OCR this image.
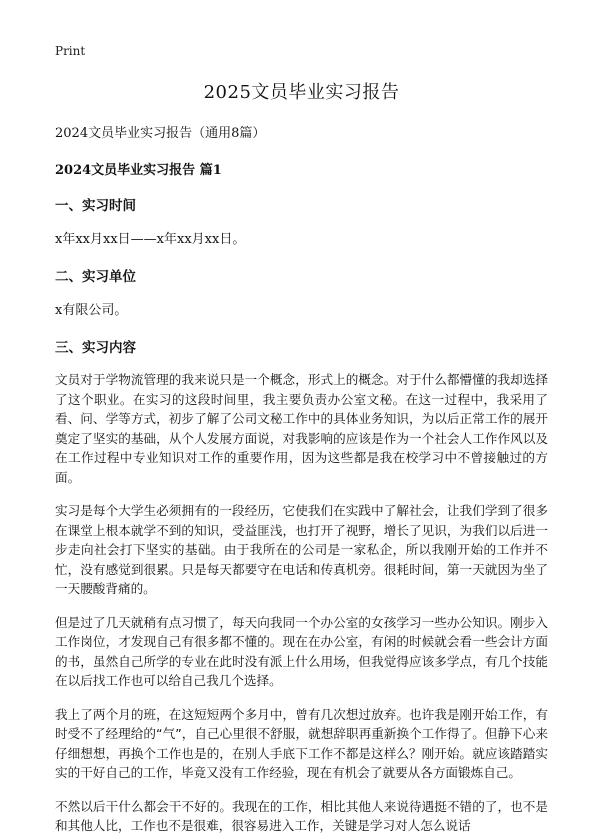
Print
2025文员毕业实习报告
2024文员毕业实习报告（通用8篇）
2024文员毕业实习报告 篇1
一、实习时间
x年xx月xx日——x年xx月xx日。
二、实习单位
x有限公司。
三、实习内容

文员对于学物流管理的我来说只是一个概念，形式上的概念。对于什么都懵懂的我却选择了这个职业。在实习的这段时间里，我主要负责办公室文秘。在这一过程中，我采用了看、问、学等方式，初步了解了公司文秘工作中的具体业务知识，为以后正常工作的展开奠定了坚实的基础，从个人发展方面说，对我影响的应该是作为一个社会人工作作风以及在工作过程中专业知识对工作的重要作用，因为这些都是我在校学习中不曾接触过的方面。

实习是每个大学生必须拥有的一段经历，它使我们在实践中了解社会，让我们学到了很多在课堂上根本就学不到的知识，受益匪浅，也打开了视野，增长了见识，为我们以后进一步走向社会打下坚实的基础。由于我所在的公司是一家私企，所以我刚开始的工作并不忙，没有感觉到很累。只是每天都要守在电话和传真机旁。很耗时间，第一天就因为坐了一天腰酸背痛的。

但是过了几天就稍有点习惯了，每天向我同一个办公室的女孩学习一些办公知识。刚步入工作岗位，才发现自己有很多都不懂的。现在在办公室，有闲的时候就会看一些会计方面的书，虽然自己所学的专业在此时没有派上什么用场，但我觉得应该多学点，有几个技能在以后找工作也可以给自己我几个选择。

我上了两个月的班，在这短短两个多月中，曾有几次想过放弃。也许我是刚开始工作，有时受不了经理给的“气”，自己心里很不舒服，就想辞职再重新换个工作得了。但静下心来仔细想想，再换个工作也是的，在别人手底下工作不都是这样么？刚开始。就应该踏踏实实的干好自己的工作，毕竟又没有工作经验，现在有机会了就要从各方面锻炼自己。

不然以后干什么都会干不好的。我现在的工作，相比其他人来说待遇挺不错的了，也不是和其他人比，工作也不是很难，很容易进入工作，关键是学习对人怎么说话
